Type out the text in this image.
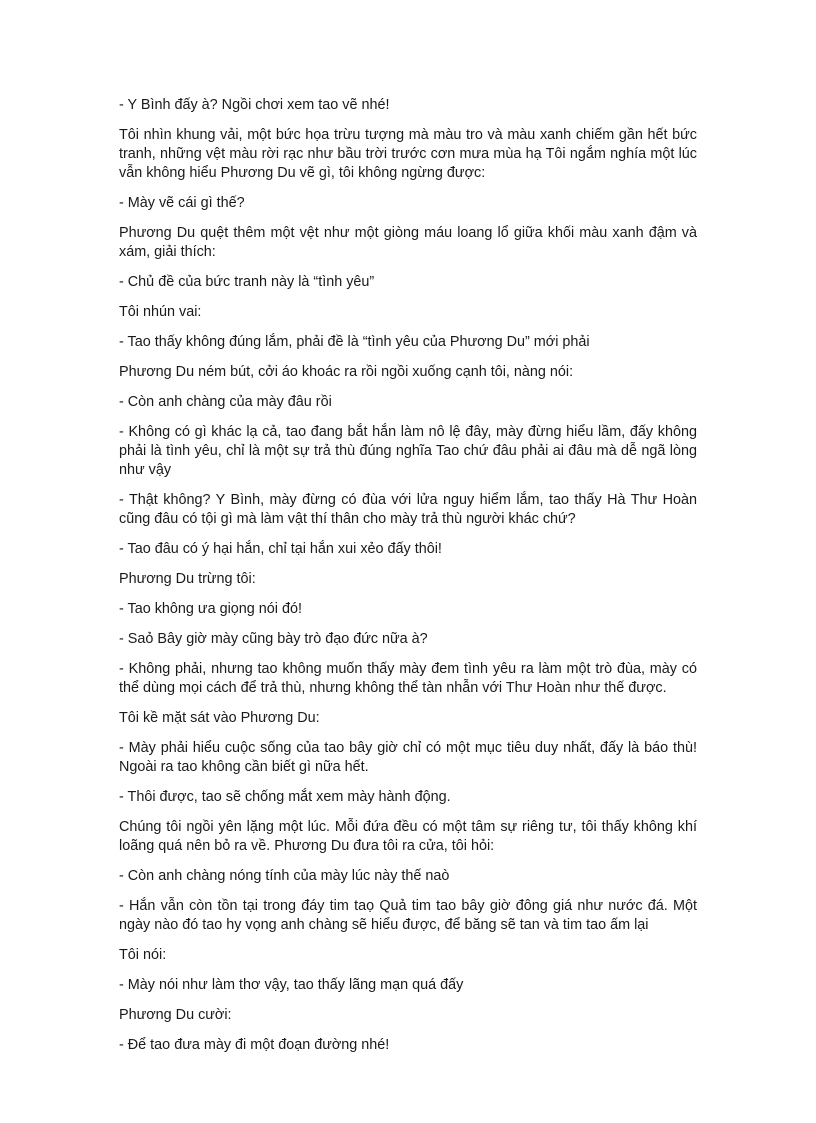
- Y Bình đấy à? Ngồi chơi xem tao vẽ nhé!

Tôi nhìn khung vải, một bức họa trừu tượng mà màu tro và màu xanh chiếm gần hết bức tranh, những vệt màu rời rạc như bầu trời trước cơn mưa mùa hạ Tôi ngắm nghía một lúc vẫn không hiểu Phương Du vẽ gì, tôi không ngừng được:

- Mày vẽ cái gì thế?

Phương Du quệt thêm một vệt như một giòng máu loang lổ giữa khối màu xanh đậm và xám, giải thích:

- Chủ đề của bức tranh này là “tình yêu”

Tôi nhún vai:

- Tao thấy không đúng lắm, phải đề là “tình yêu của Phương Du” mới phải

Phương Du ném bút, cởi áo khoác ra rồi ngồi xuống cạnh tôi, nàng nói:

- Còn anh chàng của mày đâu rồi

- Không có gì khác lạ cả, tao đang bắt hắn làm nô lệ đây, mày đừng hiểu lầm, đấy không phải là tình yêu, chỉ là một sự trả thù đúng nghĩa Tao chứ đâu phải ai đâu mà dễ ngã lòng như vậy

- Thật không? Y Bình, mày đừng có đùa với lửa nguy hiểm lắm, tao thấy Hà Thư Hoàn cũng đâu có tội gì mà làm vật thí thân cho mày trả thù người khác chứ?

- Tao đâu có ý hại hắn, chỉ tại hắn xui xẻo đấy thôi!

Phương Du trừng tôi:

- Tao không ưa giọng nói đó!

- Saỏ Bây giờ mày cũng bày trò đạo đức nữa à?

- Không phải, nhưng tao không muốn thấy mày đem tình yêu ra làm một trò đùa, mày có thể dùng mọi cách để trả thù, nhưng không thể tàn nhẫn với Thư Hoàn như thế được.

Tôi kề mặt sát vào Phương Du:

- Mày phải hiểu cuộc sống của tao bây giờ chỉ có một mục tiêu duy nhất, đấy là báo thù! Ngoài ra tao không cần biết gì nữa hết.

- Thôi được, tao sẽ chống mắt xem mày hành động.

Chúng tôi ngồi yên lặng một lúc. Mỗi đứa đều có một tâm sự riêng tư, tôi thấy không khí loãng quá nên bỏ ra về. Phương Du đưa tôi ra cửa, tôi hỏi:

- Còn anh chàng nóng tính của mày lúc này thế naò

- Hắn vẫn còn tồn tại trong đáy tim taọ Quả tim tao bây giờ đông giá như nước đá. Một ngày nào đó tao hy vọng anh chàng sẽ hiểu được, để băng sẽ tan và tim tao ấm lại

Tôi nói:

- Mày nói như làm thơ vậy, tao thấy lãng mạn quá đấy

Phương Du cười:

- Để tao đưa mày đi một đoạn đường nhé!
